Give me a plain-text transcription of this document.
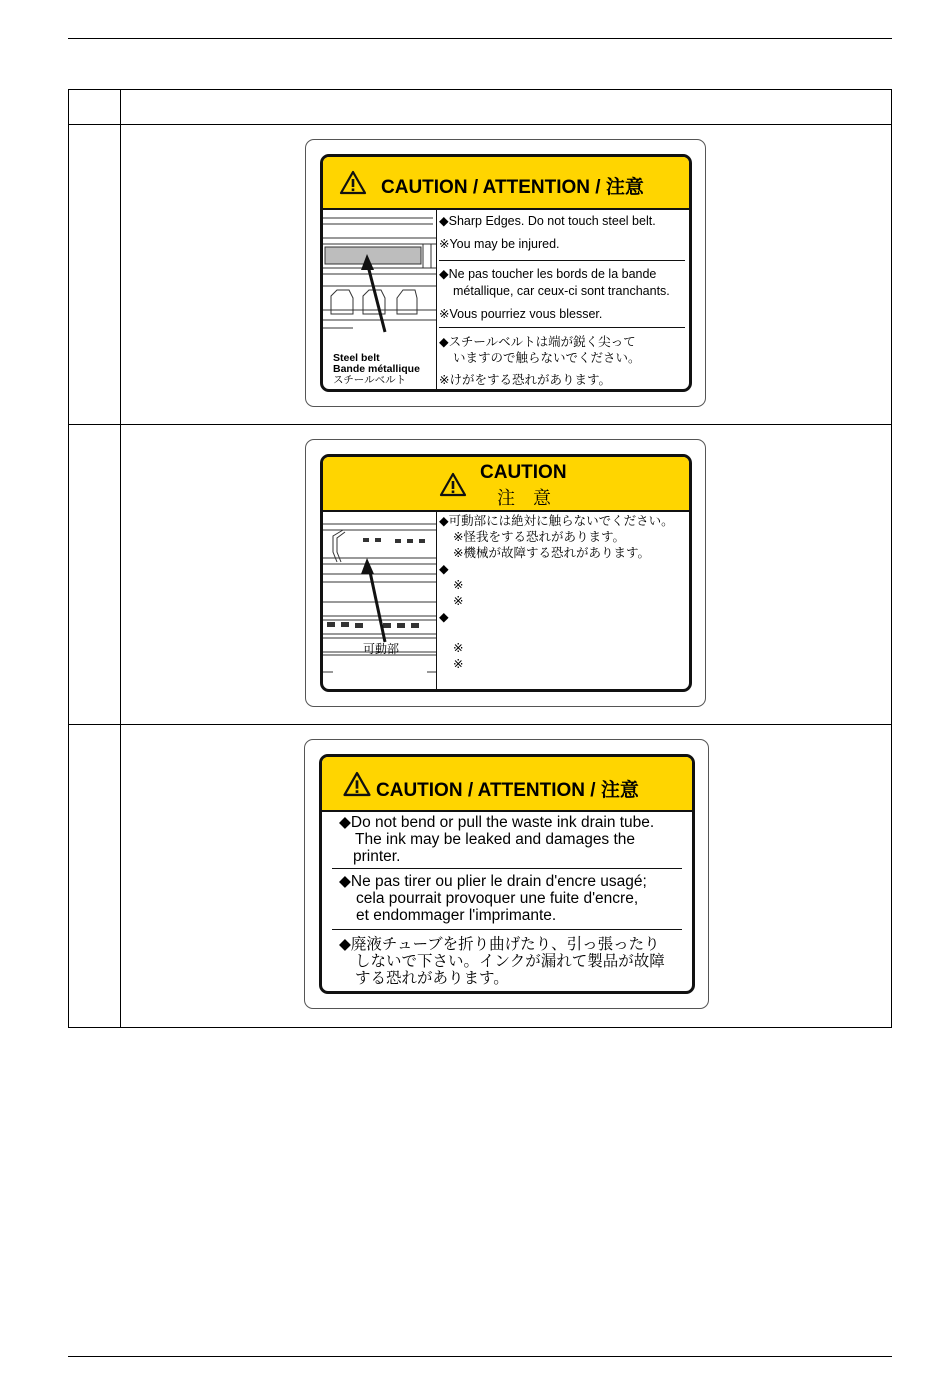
CAUTION / ATTENTION / 注意
Steel belt
Bande métallique
スチールベルト
◆Sharp Edges. Do not touch steel belt.
※You may be injured.
◆Ne pas toucher les bords de la bande
métallique, car ceux-ci sont tranchants.
※Vous pourriez vous blesser.
◆スチールベルトは端が鋭く尖って
いますので触らないでください。
※けがをする恐れがあります。
CAUTION
注　意
可動部
◆可動部には絶対に触らないでください。
※怪我をする恐れがあります。
※機械が故障する恐れがあります。
◆
※
※
◆
※
※
CAUTION / ATTENTION / 注意
◆Do not bend or pull the waste ink drain tube.
The ink may be leaked and damages the
printer.
◆Ne pas tirer ou plier le drain d'encre usagé;
cela pourrait provoquer une fuite d'encre,
et endommager l'imprimante.
◆廃液チューブを折り曲げたり、引っ張ったり
しないで下さい。インクが漏れて製品が故障
する恐れがあります。
